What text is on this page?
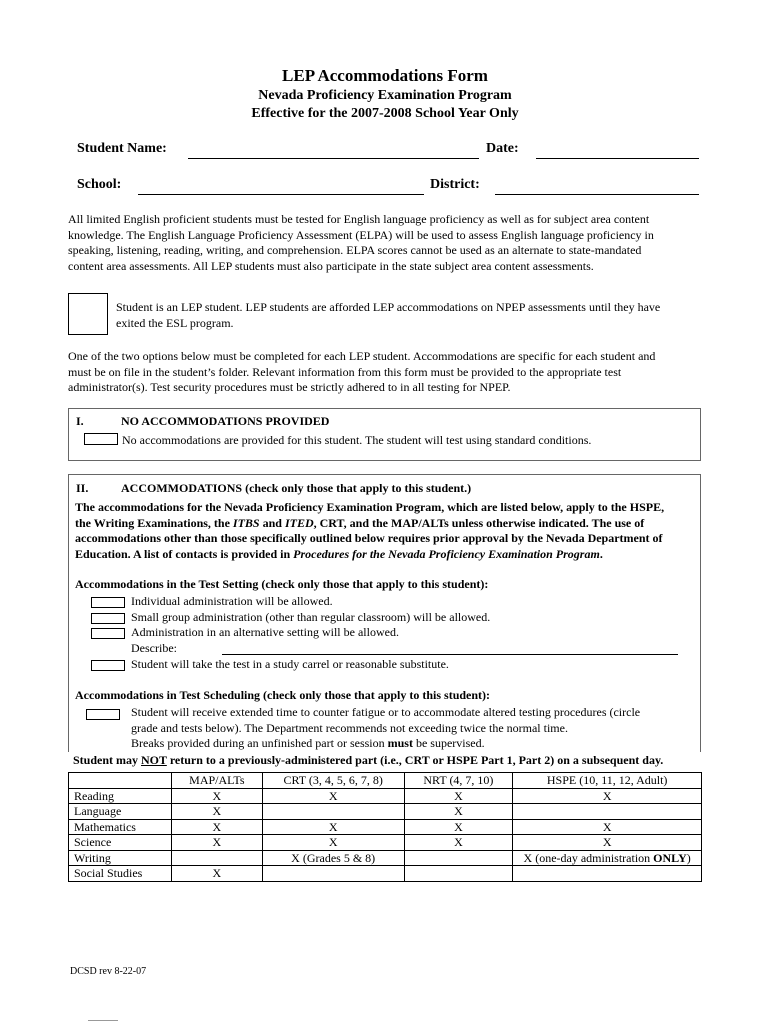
LEP Accommodations Form
Nevada Proficiency Examination Program
Effective for the 2007-2008 School Year Only
Student Name:	Date:
School:	District:
All limited English proficient students must be tested for English language proficiency as well as for subject area content
knowledge. The English Language Proficiency Assessment (ELPA) will be used to assess English language proficiency in
speaking, listening, reading, writing, and comprehension. ELPA scores cannot be used as an alternate to state-mandated
content area assessments. All LEP students must also participate in the state subject area content assessments.
Student is an LEP student. LEP students are afforded LEP accommodations on NPEP assessments until they have
exited the ESL program.
One of the two options below must be completed for each LEP student. Accommodations are specific for each student and
must be on file in the student’s folder. Relevant information from this form must be provided to the appropriate test
administrator(s). Test security procedures must be strictly adhered to in all testing for NPEP.
I.	NO ACCOMMODATIONS PROVIDED
No accommodations are provided for this student. The student will test using standard conditions.
II.	ACCOMMODATIONS (check only those that apply to this student.)
The accommodations for the Nevada Proficiency Examination Program, which are listed below, apply to the HSPE,
the Writing Examinations, the ITBS and ITED, CRT, and the MAP/ALTs unless otherwise indicated. The use of
accommodations other than those specifically outlined below requires prior approval by the Nevada Department of
Education. A list of contacts is provided in Procedures for the Nevada Proficiency Examination Program.
Accommodations in the Test Setting (check only those that apply to this student):
Individual administration will be allowed.
Small group administration (other than regular classroom) will be allowed.
Administration in an alternative setting will be allowed.
Describe:
Student will take the test in a study carrel or reasonable substitute.
Accommodations in Test Scheduling (check only those that apply to this student):
Student will receive extended time to counter fatigue or to accommodate altered testing procedures (circle
grade and tests below). The Department recommends not exceeding twice the normal time.
Breaks provided during an unfinished part or session must be supervised.
Student may NOT return to a previously-administered part (i.e., CRT or HSPE Part 1, Part 2) on a subsequent day.
	MAP/ALTs	CRT (3, 4, 5, 6, 7, 8)	NRT (4, 7, 10)	HSPE (10, 11, 12, Adult)
Reading	X	X	X	X
Language	X		X	
Mathematics	X	X	X	X
Science	X	X	X	X
Writing		X (Grades 5 & 8)		X (one-day administration ONLY)
Social Studies	X			
DCSD rev 8-22-07
